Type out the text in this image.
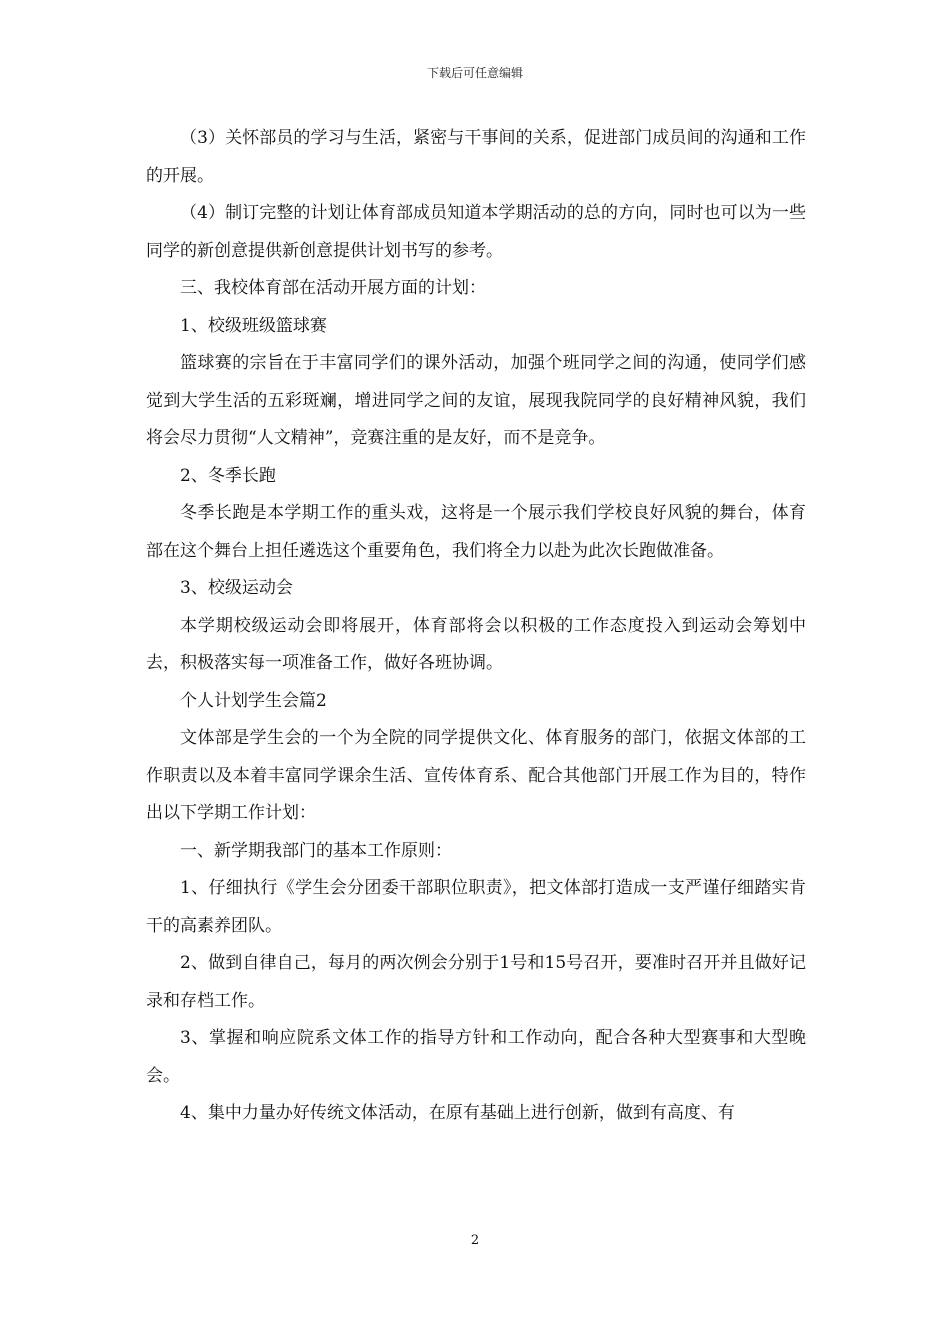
下载后可任意编辑

（3）关怀部员的学习与生活，紧密与干事间的关系，促进部门成员间的沟通和工作的开展。

（4）制订完整的计划让体育部成员知道本学期活动的总的方向，同时也可以为一些同学的新创意提供新创意提供计划书写的参考。

三、我校体育部在活动开展方面的计划：

1、校级班级篮球赛

篮球赛的宗旨在于丰富同学们的课外活动，加强个班同学之间的沟通，使同学们感觉到大学生活的五彩斑斓，增进同学之间的友谊，展现我院同学的良好精神风貌，我们将会尽力贯彻“人文精神”，竞赛注重的是友好，而不是竞争。

2、冬季长跑

冬季长跑是本学期工作的重头戏，这将是一个展示我们学校良好风貌的舞台，体育部在这个舞台上担任遴选这个重要角色，我们将全力以赴为此次长跑做准备。

3、校级运动会

本学期校级运动会即将展开，体育部将会以积极的工作态度投入到运动会筹划中去，积极落实每一项准备工作，做好各班协调。

个人计划学生会篇2

文体部是学生会的一个为全院的同学提供文化、体育服务的部门，依据文体部的工作职责以及本着丰富同学课余生活、宣传体育系、配合其他部门开展工作为目的，特作出以下学期工作计划：

一、新学期我部门的基本工作原则：

1、仔细执行《学生会分团委干部职位职责》，把文体部打造成一支严谨仔细踏实肯干的高素养团队。

2、做到自律自己，每月的两次例会分别于1号和15号召开，要准时召开并且做好记录和存档工作。

3、掌握和响应院系文体工作的指导方针和工作动向，配合各种大型赛事和大型晚会。

4、集中力量办好传统文体活动，在原有基础上进行创新，做到有高度、有

2
